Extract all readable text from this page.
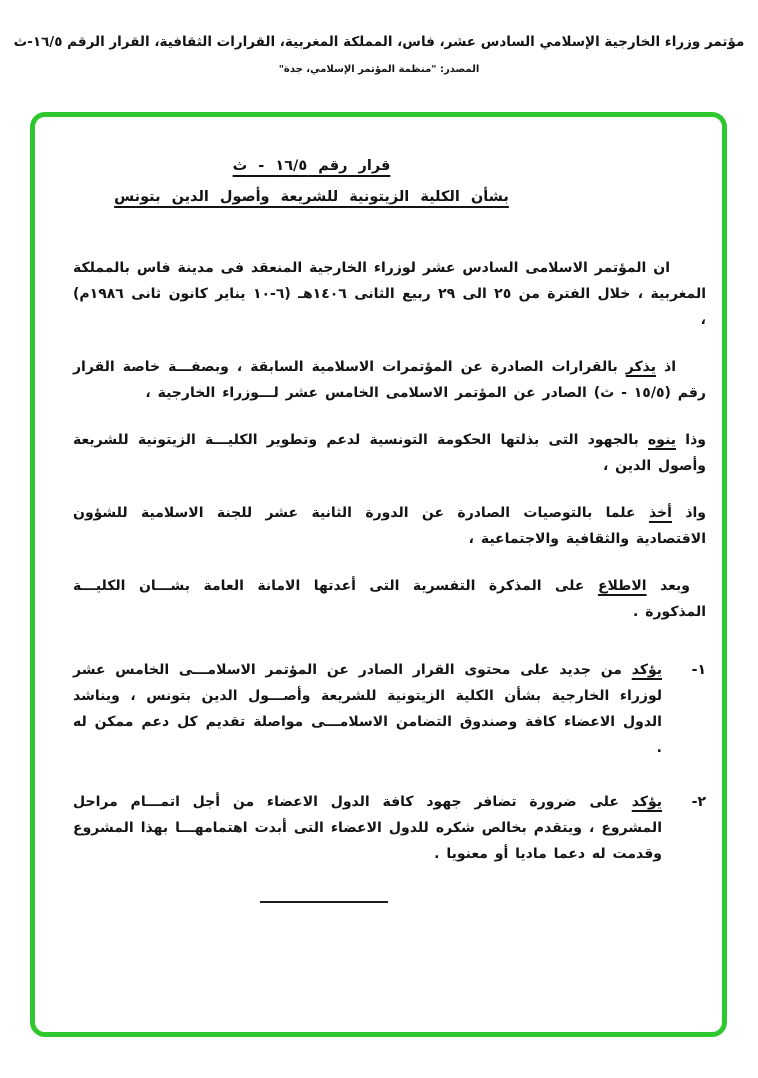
مؤتمر وزراء الخارجية الإسلامي السادس عشر، فاس، المملكة المغربية، القرارات الثقافية، القرار الرقم ١٦/٥-ث
المصدر: "منظمة المؤتمر الإسلامي، جدة"
قرار رقم ١٦/٥ - ث
بشأن الكلية الزيتونية للشريعة وأصول الدين بتونس

ان المؤتمر الاسلامى السادس عشر لوزراء الخارجية المنعقد فى مدينة فاس بالمملكة المغربية ، خلال الفترة من ٢٥ الى ٢٩ ربيع الثانى ١٤٠٦هـ (٦-١٠ يناير كانون ثانى ١٩٨٦م) ،

اذ يذكر بالقرارات الصادرة عن المؤتمرات الاسلامية السابقة ، وبصفـــة خاصة القرار رقم (١٥/٥ - ث) الصادر عن المؤتمر الاسلامى الخامس عشر لـــوزراء الخارجية ،

وذا ينوه بالجهود التى بذلتها الحكومة التونسية لدعم وتطوير الكليـــة الزيتونية للشريعة وأصول الدين ،

واذ أخذ علما بالتوصيات الصادرة عن الدورة الثانية عشر للجنة الاسلامية للشؤون الاقتصادية والثقافية والاجتماعية ،

وبعد الاطلاع على المذكرة التفسرية التى أعدتها الامانة العامة بشـــان الكليـــة المذكورة .

١-
يؤكد من جديد على محتوى القرار الصادر عن المؤتمر الاسلامـــى الخامس عشر لوزراء الخارجية بشأن الكلية الزيتونية للشريعة وأصـــول الدين بتونس ، ويناشد الدول الاعضاء كافة وصندوق التضامن الاسلامـــى مواصلة تقديم كل دعم ممكن له .
٢-
يؤكد على ضرورة تضافر جهود كافة الدول الاعضاء من أجل اتمـــام مراحل المشروع ، ويتقدم بخالص شكره للدول الاعضاء التى أبدت اهتمامهـــا بهذا المشروع وقدمت له دعما ماديا أو معنويا .
